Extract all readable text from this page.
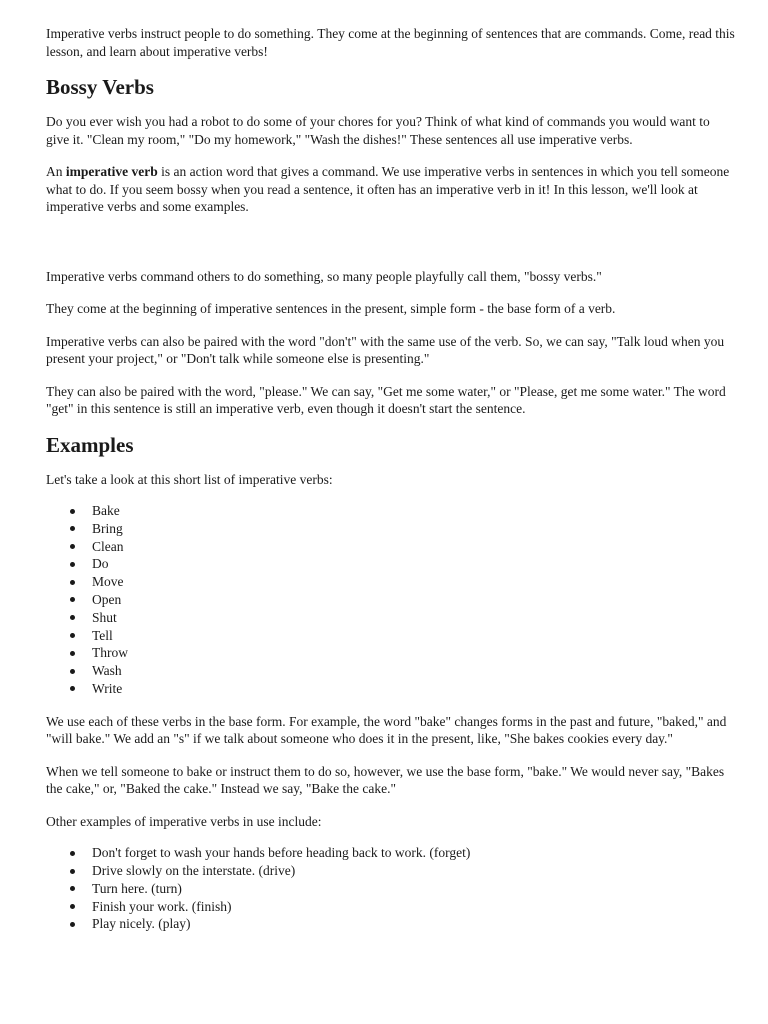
Imperative verbs instruct people to do something. They come at the beginning of sentences that are commands. Come, read this lesson, and learn about imperative verbs!

Bossy Verbs

Do you ever wish you had a robot to do some of your chores for you? Think of what kind of commands you would want to give it. "Clean my room," "Do my homework," "Wash the dishes!" These sentences all use imperative verbs.

An imperative verb is an action word that gives a command. We use imperative verbs in sentences in which you tell someone what to do. If you seem bossy when you read a sentence, it often has an imperative verb in it! In this lesson, we'll look at imperative verbs and some examples.

Imperative verbs command others to do something, so many people playfully call them, "bossy verbs."

They come at the beginning of imperative sentences in the present, simple form - the base form of a verb.

Imperative verbs can also be paired with the word "don't" with the same use of the verb. So, we can say, "Talk loud when you present your project," or "Don't talk while someone else is presenting."

They can also be paired with the word, "please." We can say, "Get me some water," or "Please, get me some water." The word "get" in this sentence is still an imperative verb, even though it doesn't start the sentence.

Examples

Let's take a look at this short list of imperative verbs:

Bake
Bring
Clean
Do
Move
Open
Shut
Tell
Throw
Wash
Write

We use each of these verbs in the base form. For example, the word "bake" changes forms in the past and future, "baked," and "will bake." We add an "s" if we talk about someone who does it in the present, like, "She bakes cookies every day."

When we tell someone to bake or instruct them to do so, however, we use the base form, "bake." We would never say, "Bakes the cake," or, "Baked the cake." Instead we say, "Bake the cake."

Other examples of imperative verbs in use include:

Don't forget to wash your hands before heading back to work. (forget)
Drive slowly on the interstate. (drive)
Turn here. (turn)
Finish your work. (finish)
Play nicely. (play)
